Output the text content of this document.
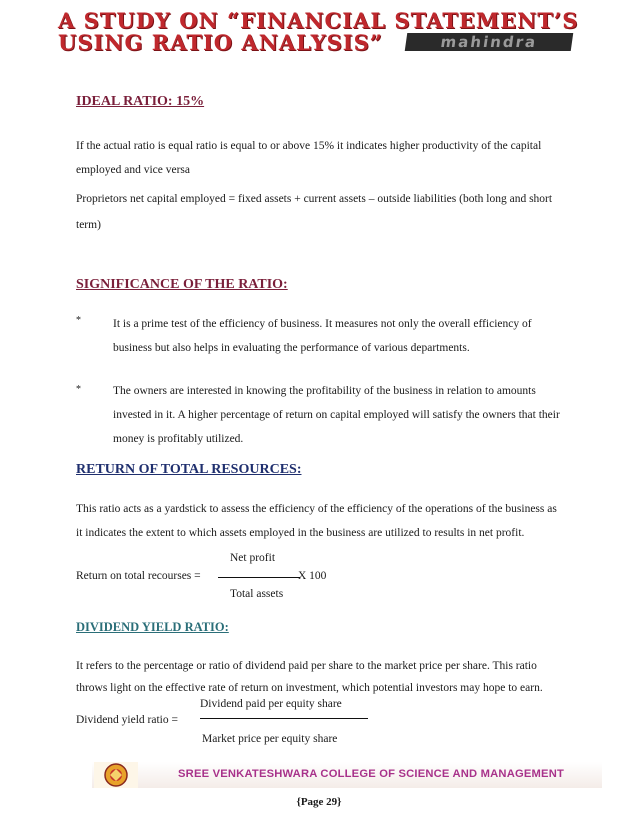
A STUDY ON “FINANCIAL STATEMENT’S
USING RATIO ANALYSIS”	mahindra
IDEAL RATIO: 15%
If the actual ratio is equal ratio is equal to or above 15% it indicates higher productivity of the capital
employed and vice versa
Proprietors net capital employed = fixed assets + current assets – outside liabilities (both long and short
term)
SIGNIFICANCE OF THE RATIO:
*	It is a prime test of the efficiency of business. It measures not only the overall efficiency of
business but also helps in evaluating the performance of various departments.
*	The owners are interested in knowing the profitability of the business in relation to amounts
invested in it. A higher percentage of return on capital employed will satisfy the owners that their
money is profitably utilized.
RETURN OF TOTAL RESOURCES:
This ratio acts as a yardstick to assess the efficiency of the efficiency of the operations of the business as
it indicates the extent to which assets employed in the business are utilized to results in net profit.
Net profit
Return on total recourses =	X 100
Total assets
DIVIDEND YIELD RATIO:
It refers to the percentage or ratio of dividend paid per share to the market price per share. This ratio
throws light on the effective rate of return on investment, which potential investors may hope to earn.
Dividend paid per equity share
Dividend yield ratio =
Market price per equity share
SREE VENKATESHWARA COLLEGE OF SCIENCE AND MANAGEMENT
{Page 29}
